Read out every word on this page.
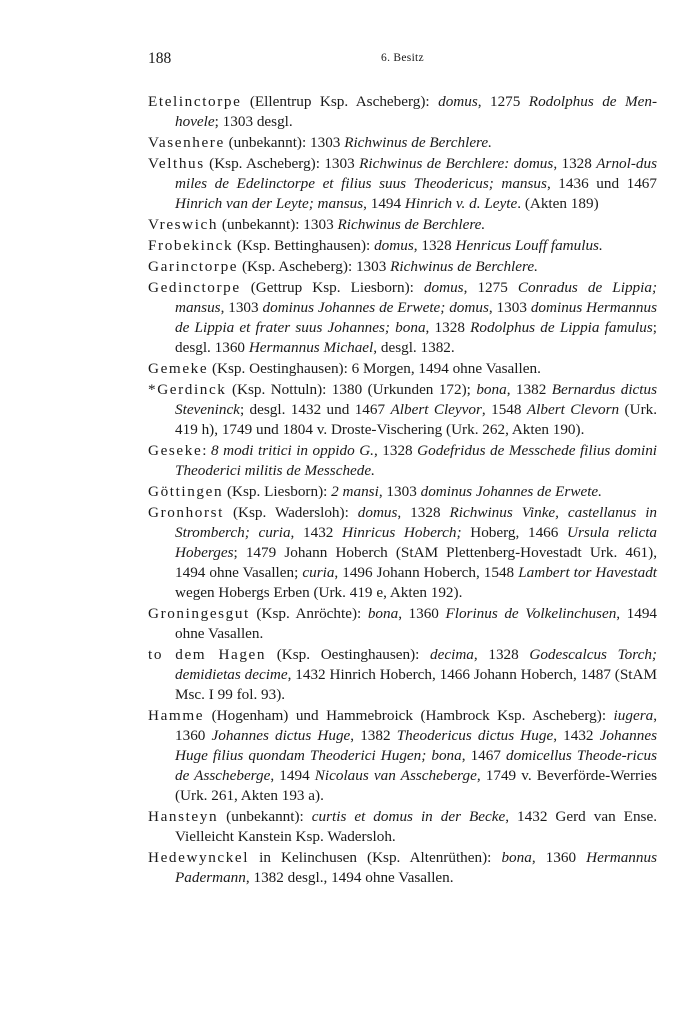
188	6. Besitz

Etelinctorpe (Ellentrup Ksp. Ascheberg): domus, 1275 Rodolphus de Men-hovele; 1303 desgl.

Vasenhere (unbekannt): 1303 Richwinus de Berchlere.

Velthus (Ksp. Ascheberg): 1303 Richwinus de Berchlere: domus, 1328 Arnol-dus miles de Edelinctorpe et filius suus Theodericus; mansus, 1436 und 1467 Hinrich van der Leyte; mansus, 1494 Hinrich v. d. Leyte. (Akten 189)

Vreswich (unbekannt): 1303 Richwinus de Berchlere.

Frobekinck (Ksp. Bettinghausen): domus, 1328 Henricus Louff famulus.

Garinctorpe (Ksp. Ascheberg): 1303 Richwinus de Berchlere.

Gedinctorpe (Gettrup Ksp. Liesborn): domus, 1275 Conradus de Lippia; mansus, 1303 dominus Johannes de Erwete; domus, 1303 dominus Hermannus de Lippia et frater suus Johannes; bona, 1328 Rodolphus de Lippia famulus; desgl. 1360 Hermannus Michael, desgl. 1382.

Gemeke (Ksp. Oestinghausen): 6 Morgen, 1494 ohne Vasallen.

*Gerdinck (Ksp. Nottuln): 1380 (Urkunden 172); bona, 1382 Bernardus dictus Steveninck; desgl. 1432 und 1467 Albert Cleyvor, 1548 Albert Clevorn (Urk. 419 h), 1749 und 1804 v. Droste-Vischering (Urk. 262, Akten 190).

Geseke: 8 modi tritici in oppido G., 1328 Godefridus de Messchede filius domini Theoderici militis de Messchede.

Göttingen (Ksp. Liesborn): 2 mansi, 1303 dominus Johannes de Erwete.

Gronhorst (Ksp. Wadersloh): domus, 1328 Richwinus Vinke, castellanus in Stromberch; curia, 1432 Hinricus Hoberch; Hoberg, 1466 Ursula relicta Hoberges; 1479 Johann Hoberch (StAM Plettenberg-Hovestadt Urk. 461), 1494 ohne Vasallen; curia, 1496 Johann Hoberch, 1548 Lambert tor Havestadt wegen Hobergs Erben (Urk. 419 e, Akten 192).

Groningesgut (Ksp. Anröchte): bona, 1360 Florinus de Volkelinchusen, 1494 ohne Vasallen.

to dem Hagen (Ksp. Oestinghausen): decima, 1328 Godescalcus Torch; demidietas decime, 1432 Hinrich Hoberch, 1466 Johann Hoberch, 1487 (StAM Msc. I 99 fol. 93).

Hamme (Hogenham) und Hammebroick (Hambrock Ksp. Ascheberg): iugera, 1360 Johannes dictus Huge, 1382 Theodericus dictus Huge, 1432 Johannes Huge filius quondam Theoderici Hugen; bona, 1467 domicellus Theode-ricus de Asscheberge, 1494 Nicolaus van Asscheberge, 1749 v. Beverförde-Werries (Urk. 261, Akten 193 a).

Hansteyn (unbekannt): curtis et domus in der Becke, 1432 Gerd van Ense. Vielleicht Kanstein Ksp. Wadersloh.

Hedewynckel in Kelinchusen (Ksp. Altenrüthen): bona, 1360 Hermannus Padermann, 1382 desgl., 1494 ohne Vasallen.
